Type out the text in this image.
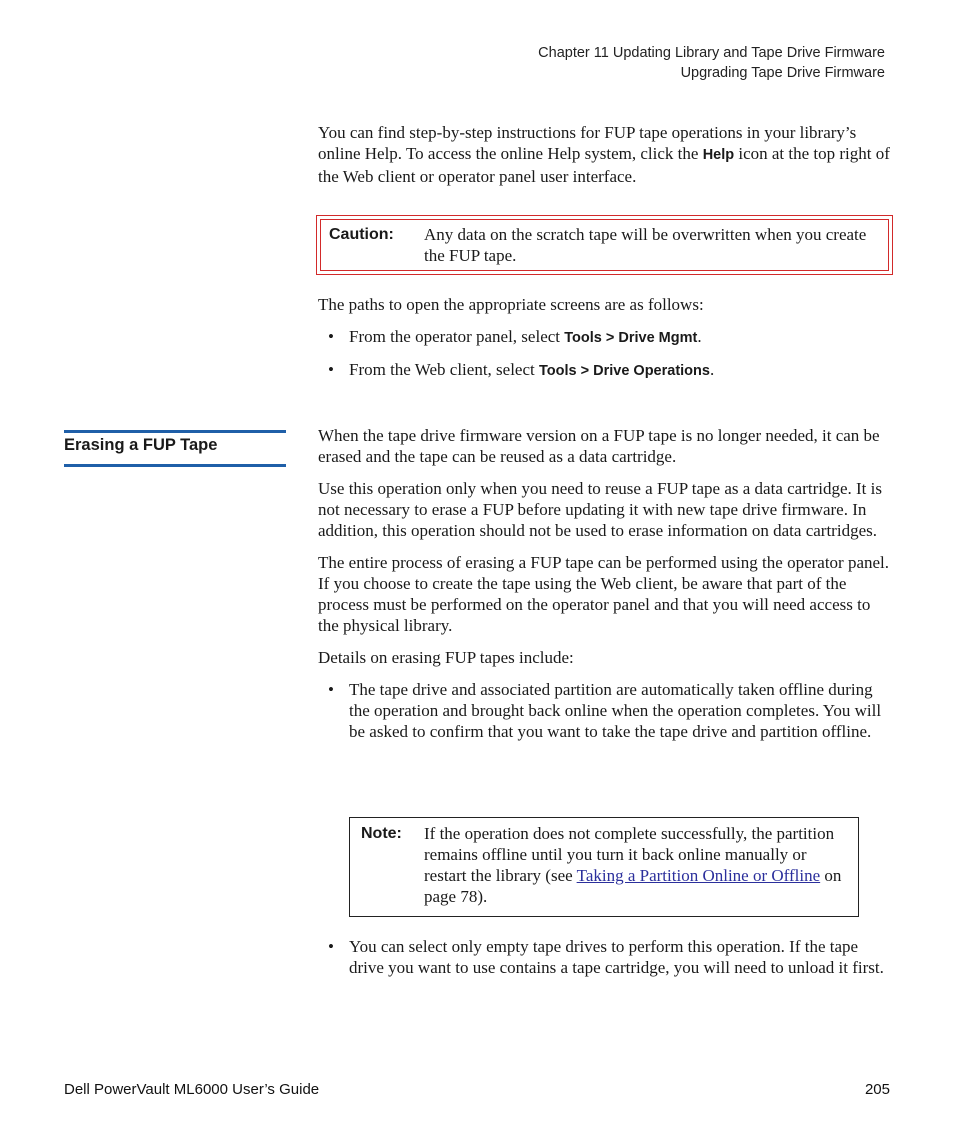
Chapter 11 Updating Library and Tape Drive Firmware
Upgrading Tape Drive Firmware

You can find step-by-step instructions for FUP tape operations in your library’s online Help. To access the online Help system, click the Help icon at the top right of the Web client or operator panel user interface.

Caution: Any data on the scratch tape will be overwritten when you create the FUP tape.

The paths to open the appropriate screens are as follows:

• From the operator panel, select Tools > Drive Mgmt.
• From the Web client, select Tools > Drive Operations.
Erasing a FUP Tape	When the tape drive firmware version on a FUP tape is no longer needed, it can be erased and the tape can be reused as a data cartridge.

Use this operation only when you need to reuse a FUP tape as a data cartridge. It is not necessary to erase a FUP before updating it with new tape drive firmware. In addition, this operation should not be used to erase information on data cartridges.

The entire process of erasing a FUP tape can be performed using the operator panel. If you choose to create the tape using the Web client, be aware that part of the process must be performed on the operator panel and that you will need access to the physical library.

Details on erasing FUP tapes include:

• The tape drive and associated partition are automatically taken offline during the operation and brought back online when the operation completes. You will be asked to confirm that you want to take the tape drive and partition offline.
Note: If the operation does not complete successfully, the partition remains offline until you turn it back online manually or restart the library (see Taking a Partition Online or Offline on page 78).
• You can select only empty tape drives to perform this operation. If the tape drive you want to use contains a tape cartridge, you will need to unload it first.
Dell PowerVault ML6000 User’s Guide	205
